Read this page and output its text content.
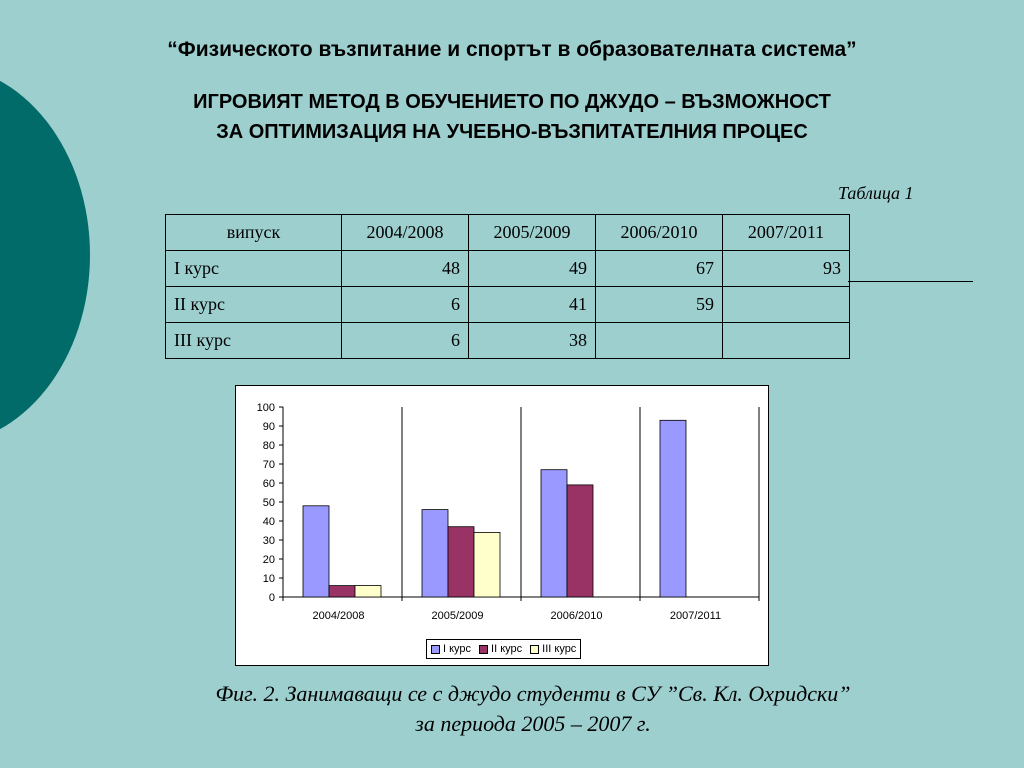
“Физическото възпитание и спортът в образователната система”
ИГРОВИЯТ МЕТОД В ОБУЧЕНИЕТО ПО ДЖУДО – ВЪЗМОЖНОСТ
ЗА ОПТИМИЗАЦИЯ НА УЧЕБНО-ВЪЗПИТАТЕЛНИЯ ПРОЦЕС
Таблица 1
випуск	2004/2008	2005/2009	2006/2010	2007/2011
I курс	48	49	67	93
II курс	6	41	59	
III курс	6	38		
0
10
20
30
40
50
60
70
80
90
100
2004/2008	2005/2009	2006/2010	2007/2011
I курс II курс III курс
Фиг. 2. Занимаващи се с джудо студенти в СУ ”Св. Кл. Охридски”
за периода 2005 – 2007 г.
